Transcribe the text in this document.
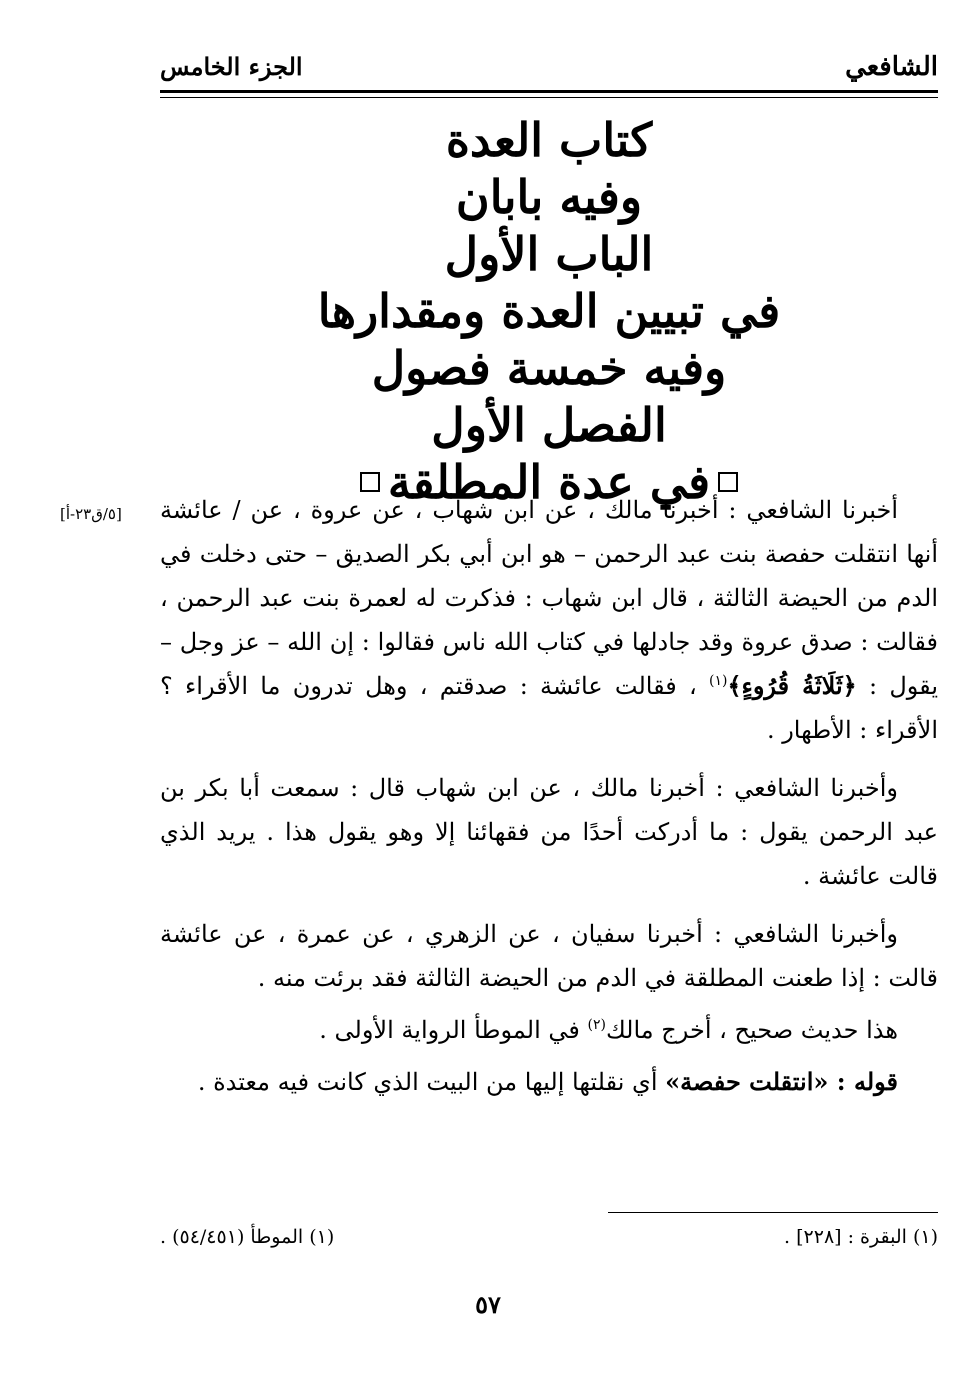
الشافعي
الجزء الخامس
كتاب العدة
وفيه بابان
الباب الأول
في تبيين العدة ومقدارها
وفيه خمسة فصول
الفصل الأول
في عدة المطلقة
[٥/ق٢٣-أ] أخبرنا الشافعي : أخبرنا مالك ، عن ابن شهاب ، عن عروة ، عن / عائشة أنها انتقلت حفصة بنت عبد الرحمن – هو ابن أبي بكر الصديق – حتى دخلت في الدم من الحيضة الثالثة ، قال ابن شهاب : فذكرت له لعمرة بنت عبد الرحمن ، فقالت : صدق عروة وقد جادلها في كتاب الله ناس فقالوا : إن الله – عز وجل – يقول : ﴿ثَلَاثَةُ قُرُوءٍ﴾$^{(١)}$ ، فقالت عائشة : صدقتم ، وهل تدرون ما الأقراء ؟ الأقراء : الأطهار .

وأخبرنا الشافعي : أخبرنا مالك ، عن ابن شهاب قال : سمعت أبا بكر بن عبد الرحمن يقول : ما أدركت أحدًا من فقهائنا إلا وهو يقول هذا . يريد الذي قالت عائشة .

وأخبرنا الشافعي : أخبرنا سفيان ، عن الزهري ، عن عمرة ، عن عائشة قالت : إذا طعنت المطلقة في الدم من الحيضة الثالثة فقد برئت منه .

هذا حديث صحيح ، أخرج مالك$^{(٢)}$ في الموطأ الرواية الأولى .

قوله : «انتقلت حفصة» أي نقلتها إليها من البيت الذي كانت فيه معتدة .

(١) البقرة : [٢٢٨] .
(١) الموطأ (٥٤/٤٥١) .
٥٧
